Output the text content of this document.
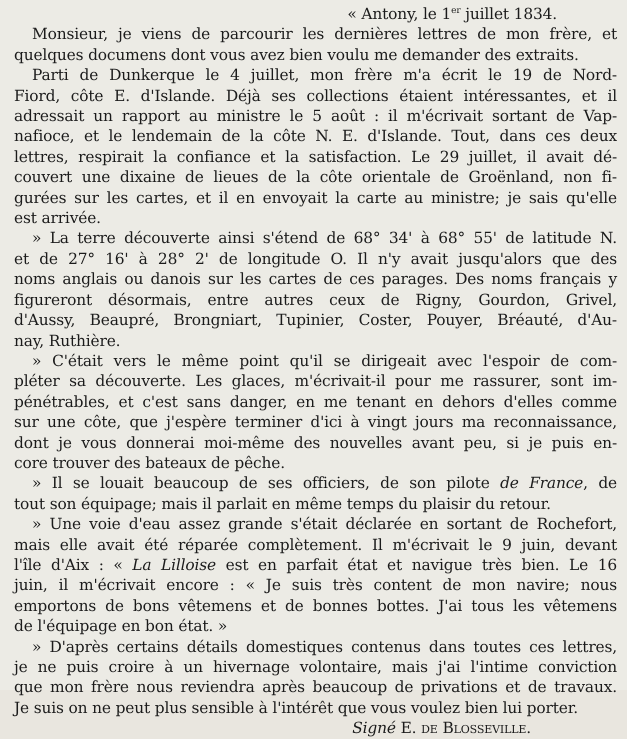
« Antony, le 1er juillet 1834.
Monsieur, je viens de parcourir les dernières lettres de mon frère, et
quelques documens dont vous avez bien voulu me demander des extraits.
Parti de Dunkerque le 4 juillet, mon frère m'a écrit le 19 de Nord-
Fiord, côte E. d'Islande. Déjà ses collections étaient intéressantes, et il
adressait un rapport au ministre le 5 août : il m'écrivait sortant de Vap-
nafioce, et le lendemain de la côte N. E. d'Islande. Tout, dans ces deux
lettres, respirait la confiance et la satisfaction. Le 29 juillet, il avait dé-
couvert une dixaine de lieues de la côte orientale de Groënland, non fi-
gurées sur les cartes, et il en envoyait la carte au ministre; je sais qu'elle
est arrivée.
» La terre découverte ainsi s'étend de 68° 34' à 68° 55' de latitude N.
et de 27° 16' à 28° 2' de longitude O. Il n'y avait jusqu'alors que des
noms anglais ou danois sur les cartes de ces parages. Des noms français y
figureront désormais, entre autres ceux de Rigny, Gourdon, Grivel,
d'Aussy, Beaupré, Brongniart, Tupinier, Coster, Pouyer, Bréauté, d'Au-
nay, Ruthière.
» C'était vers le même point qu'il se dirigeait avec l'espoir de com-
pléter sa découverte. Les glaces, m'écrivait-il pour me rassurer, sont im-
pénétrables, et c'est sans danger, en me tenant en dehors d'elles comme
sur une côte, que j'espère terminer d'ici à vingt jours ma reconnaissance,
dont je vous donnerai moi-même des nouvelles avant peu, si je puis en-
core trouver des bateaux de pêche.
» Il se louait beaucoup de ses officiers, de son pilote de France, de
tout son équipage; mais il parlait en même temps du plaisir du retour.
» Une voie d'eau assez grande s'était déclarée en sortant de Rochefort,
mais elle avait été réparée complètement. Il m'écrivait le 9 juin, devant
l'île d'Aix : « La Lilloise est en parfait état et navigue très bien. Le 16
juin, il m'écrivait encore : « Je suis très content de mon navire; nous
emportons de bons vêtemens et de bonnes bottes. J'ai tous les vêtemens
de l'équipage en bon état. »
» D'après certains détails domestiques contenus dans toutes ces lettres,
je ne puis croire à un hivernage volontaire, mais j'ai l'intime conviction
que mon frère nous reviendra après beaucoup de privations et de travaux.
Je suis on ne peut plus sensible à l'intérêt que vous voulez bien lui porter.
Signé E. de Blosseville.
